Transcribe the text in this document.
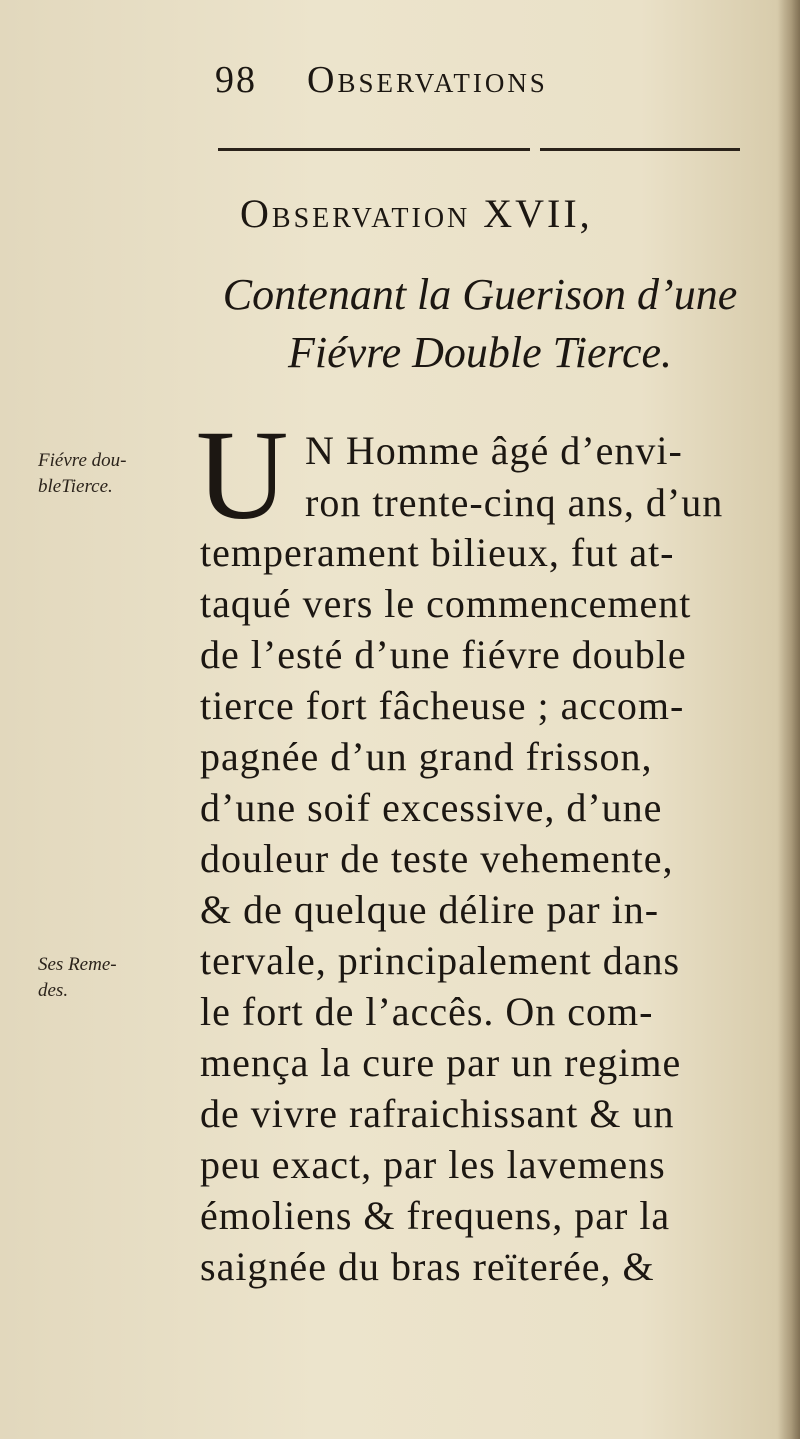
98	Observations
Observation XVII,
Contenant la Guerison d’une
Fiévre Double Tierce.
Fiévre dou-
bleTierce.
Ses Reme-
des.
U N Homme âgé d’envi-
ron trente-cinq ans, d’un
temperament bilieux, fut at-
taqué vers le commencement
de l’esté d’une fiévre double
tierce fort fâcheuse ; accom-
pagnée d’un grand frisson,
d’une soif excessive, d’une
douleur de teste vehemente,
& de quelque délire par in-
tervale, principalement dans
le fort de l’accês. On com-
mença la cure par un regime
de vivre rafraichissant & un
peu exact, par les lavemens
émoliens & frequens, par la
saignée du bras reïterée, &
